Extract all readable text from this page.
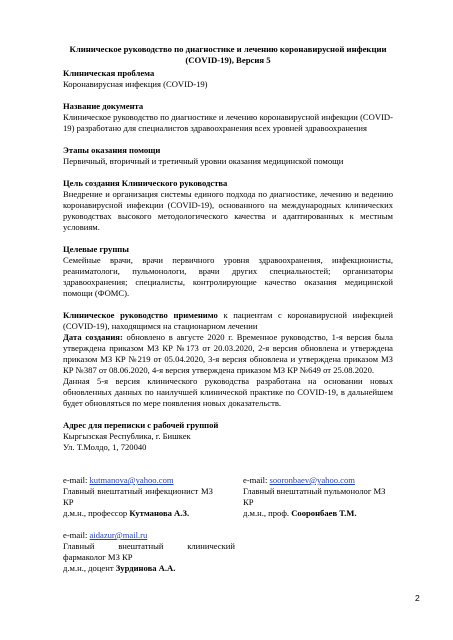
Клиническое руководство по диагностике и лечению коронавирусной инфекции (COVID-19), Версия 5
Клиническая проблема
Коронавирусная инфекция (COVID-19)
Название документа
Клиническое руководство по диагностике и лечению коронавирусной инфекции (COVID-19) разработано для специалистов здравоохранения всех уровней здравоохранения
Этапы оказания помощи
Первичный, вторичный и третичный уровни оказания медицинской помощи
Цель создания Клинического руководства
Внедрение и организация системы единого подхода по диагностике, лечению и ведению коронавирусной инфекции (COVID-19), основанного на международных клинических руководствах высокого методологического качества и адаптированных к местным условиям.
Целевые группы
Семейные врачи, врачи первичного уровня здравоохранения, инфекционисты, реаниматологи, пульмонологи, врачи других специальностей; организаторы здравоохранения; специалисты, контролирующие качество оказания медицинской помощи (ФОМС).
Клиническое руководство применимо к пациентам с коронавирусной инфекцией (COVID-19), находящимся на стационарном лечении
Дата создания: обновлено в августе 2020 г. Временное руководство, 1-я версия была утверждена приказом МЗ КР №173 от 20.03.2020, 2-я версия обновлена и утверждена приказом МЗ КР №219 от 05.04.2020, 3-я версия обновлена и утверждена приказом МЗ КР №387 от 08.06.2020, 4-я версия утверждена приказом МЗ КР №649 от 25.08.2020.
Данная 5-я версия клинического руководства разработана на основании новых обновленных данных по наилучшей клинической практике по COVID-19, в дальнейшем будет обновляться по мере появления новых доказательств.
Адрес для переписки с рабочей группой
Кыргызская Республика, г. Бишкек
Ул. Т.Молдо, 1, 720040
e-mail: kutmanova@yahoo.com
Главный внештатный инфекционист МЗ КР
д.м.н., профессор Кутманова А.З.
e-mail: sooronbaev@yahoo.com
Главный внештатный пульмонолог МЗ КР
д.м.н., проф. Сооронбаев Т.М.
e-mail: aidazur@mail.ru
Главный внештатный клинический фармаколог МЗ КР
д.м.н., доцент Зурдинова А.А.
2
